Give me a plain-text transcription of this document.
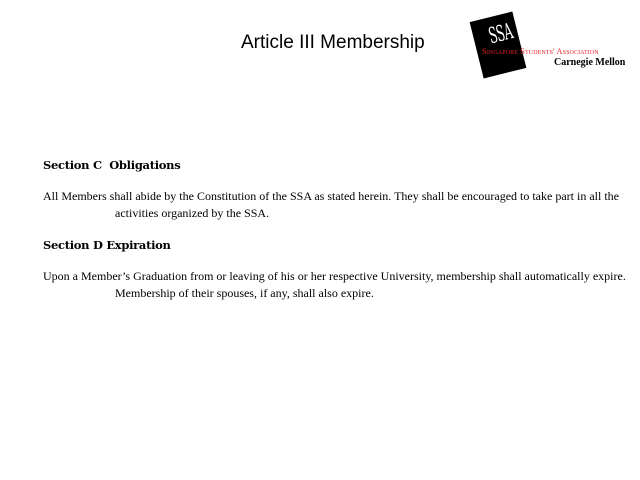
Article III Membership	SSA
Singapore Students' Association
Carnegie Mellon

Section C Obligations

All Members shall abide by the Constitution of the SSA as stated herein. They shall be encouraged to take part in all the activities organized by the SSA.

Section D Expiration

Upon a Member’s Graduation from or leaving of his or her respective University, membership shall automatically expire. Membership of their spouses, if any, shall also expire.
